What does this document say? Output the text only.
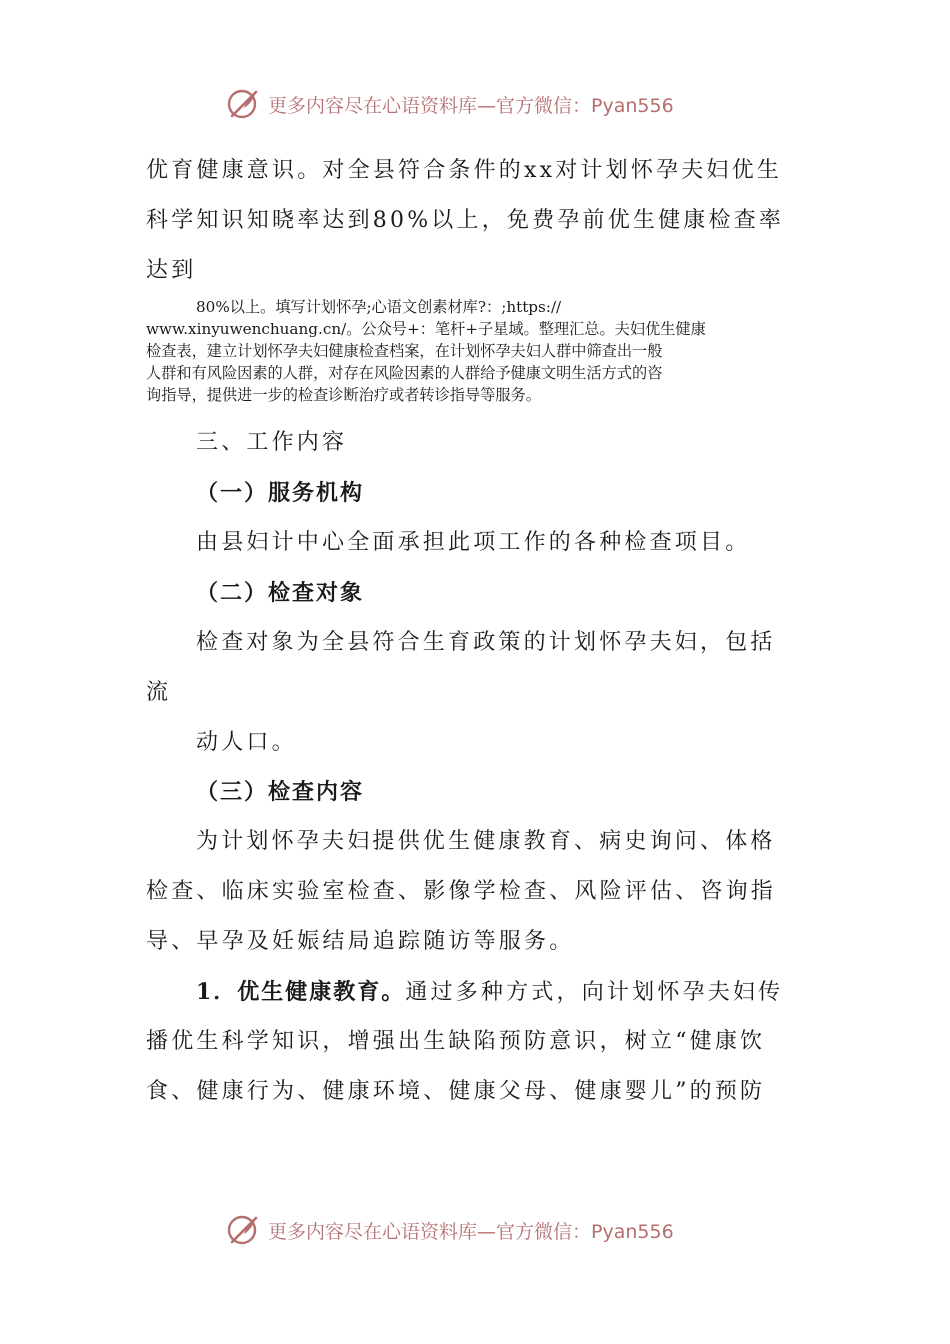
更多内容尽在心语资料库—官方微信：Pyan556
优育健康意识。对全县符合条件的xx对计划怀孕夫妇优生
科学知识知晓率达到80%以上，免费孕前优生健康检查率
达到
80%以上。填写计划怀孕;心语文创素材库?：;https://
www.xinyuwenchuang.cn/。公众号+：笔杆+子星域。整理汇总。夫妇优生健康
检查表，建立计划怀孕夫妇健康检查档案，在计划怀孕夫妇人群中筛查出一般
人群和有风险因素的人群，对存在风险因素的人群给予健康文明生活方式的咨
询指导，提供进一步的检查诊断治疗或者转诊指导等服务。
三、工作内容
（一）服务机构
由县妇计中心全面承担此项工作的各种检查项目。
（二）检查对象
检查对象为全县符合生育政策的计划怀孕夫妇，包括
流
动人口。
（三）检查内容
为计划怀孕夫妇提供优生健康教育、病史询问、体格
检查、临床实验室检查、影像学检查、风险评估、咨询指
导、早孕及妊娠结局追踪随访等服务。
1．优生健康教育。通过多种方式，向计划怀孕夫妇传
播优生科学知识，增强出生缺陷预防意识，树立“健康饮
食、健康行为、健康环境、健康父母、健康婴儿”的预防
更多内容尽在心语资料库—官方微信：Pyan556
